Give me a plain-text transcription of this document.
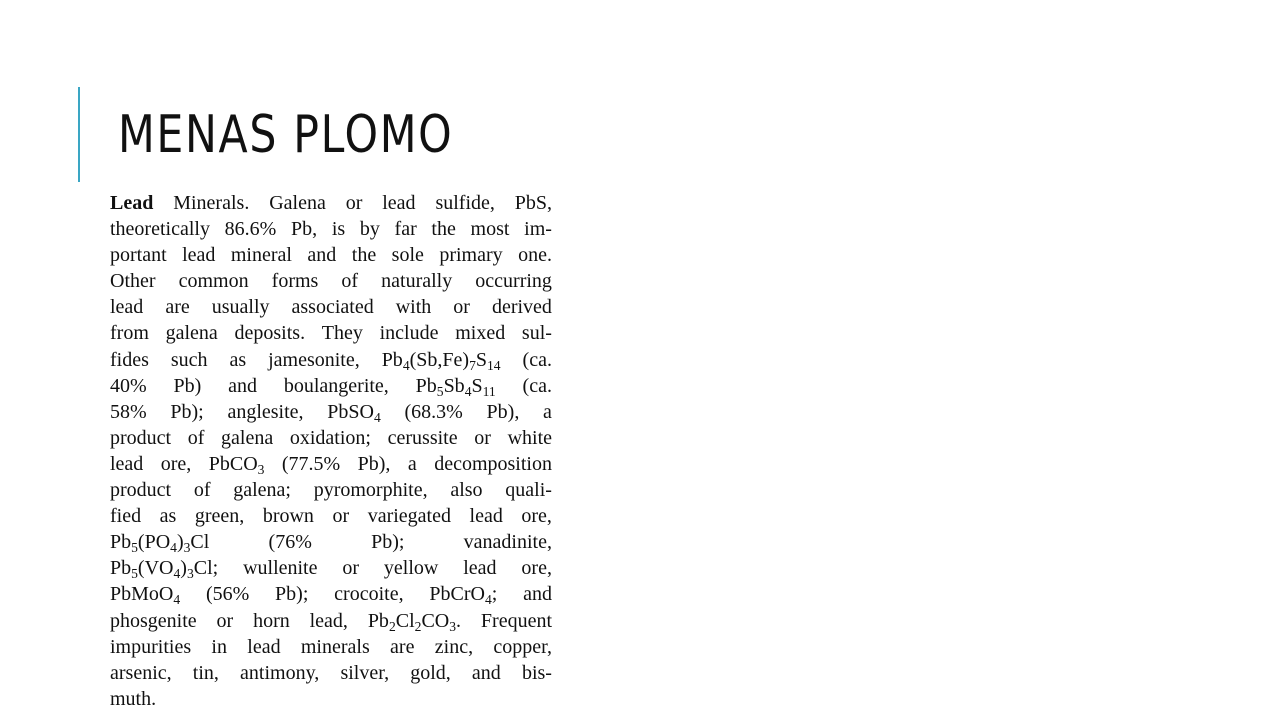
MENAS PLOMO
Lead Minerals. Galena or lead sulfide, PbS,
theoretically 86.6% Pb, is by far the most im-
portant lead mineral and the sole primary one.
Other common forms of naturally occurring
lead are usually associated with or derived
from galena deposits. They include mixed sul-
fides such as jamesonite, $Pb_4(Sb,Fe)_7S_{14}$ (ca.
40% Pb) and boulangerite, $Pb_5Sb_4S_{11}$ (ca.
58% Pb); anglesite, PbSO$_4$ (68.3% Pb), a
product of galena oxidation; cerussite or white
lead ore, PbCO$_3$ (77.5% Pb), a decomposition
product of galena; pyromorphite, also quali-
fied as green, brown or variegated lead ore,
$Pb_5(PO_4)_3Cl$	(76%	Pb);	vanadinite,
$Pb_5(VO_4)_3Cl$; wullenite or yellow lead ore,
PbMoO$_4$ (56% Pb); crocoite, PbCrO$_4$; and
phosgenite or horn lead, $Pb_2Cl_2CO_3$. Frequent
impurities in lead minerals are zinc, copper,
arsenic, tin, antimony, silver, gold, and bis-
muth.
